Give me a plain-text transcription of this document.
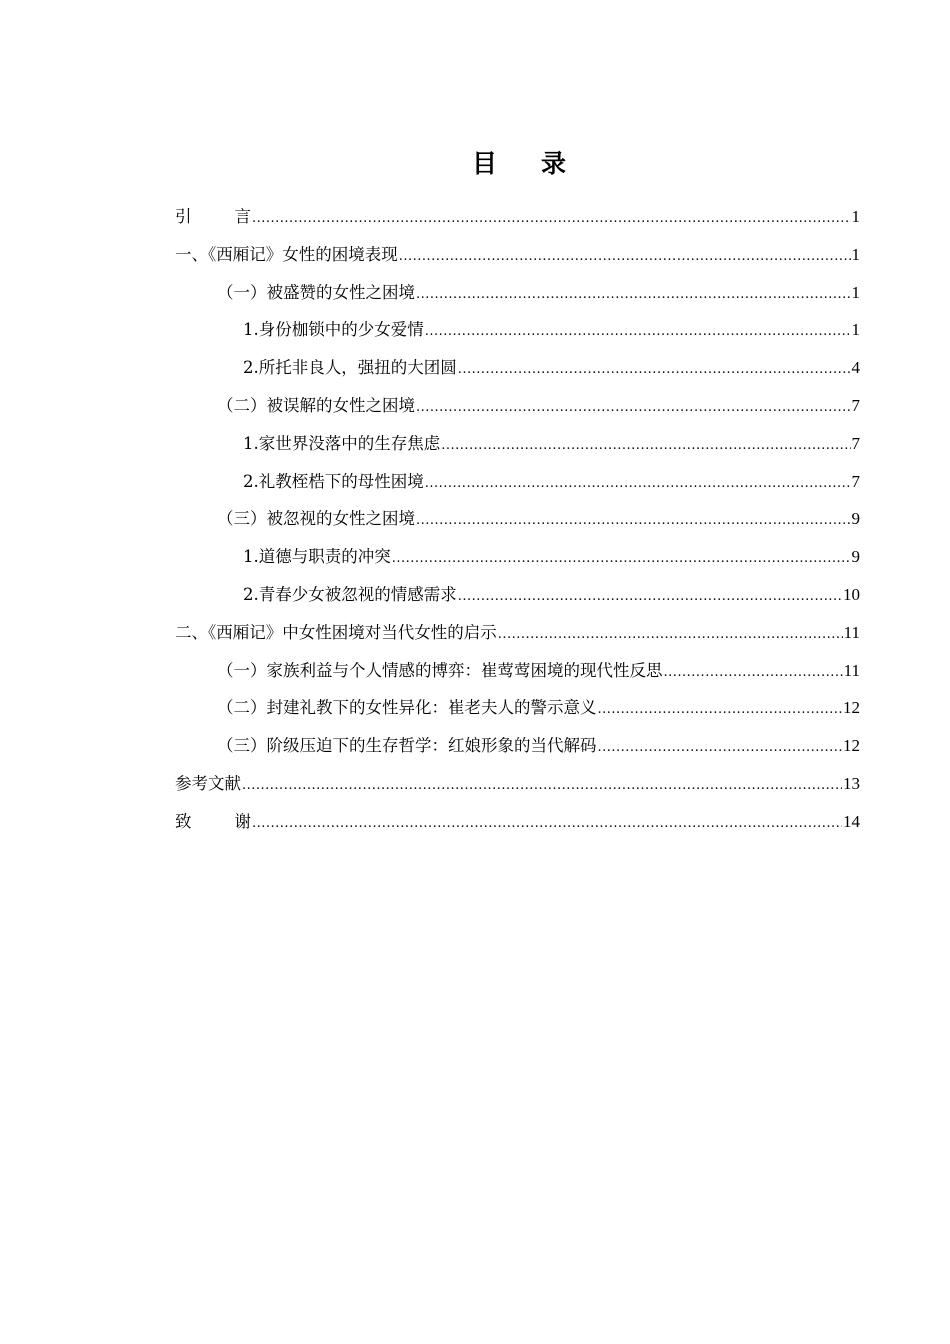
目 录
引 言 .....	1
一、《西厢记》女性的困境表现 .....	1
（一）被盛赞的女性之困境 .....	1
1.身份枷锁中的少女爱情 .....	1
2.所托非良人，强扭的大团圆 .....	4
（二）被误解的女性之困境 .....	7
1.家世界没落中的生存焦虑 .....	7
2.礼教桎梏下的母性困境 .....	7
（三）被忽视的女性之困境 .....	9
1.道德与职责的冲突 .....	9
2.青春少女被忽视的情感需求 .....	10
二、《西厢记》中女性困境对当代女性的启示 .....	11
（一）家族利益与个人情感的博弈：崔莺莺困境的现代性反思 .....	11
（二）封建礼教下的女性异化：崔老夫人的警示意义 .....	12
（三）阶级压迫下的生存哲学：红娘形象的当代解码 .....	12
参考文献 .....	13
致 谢 .....	14
